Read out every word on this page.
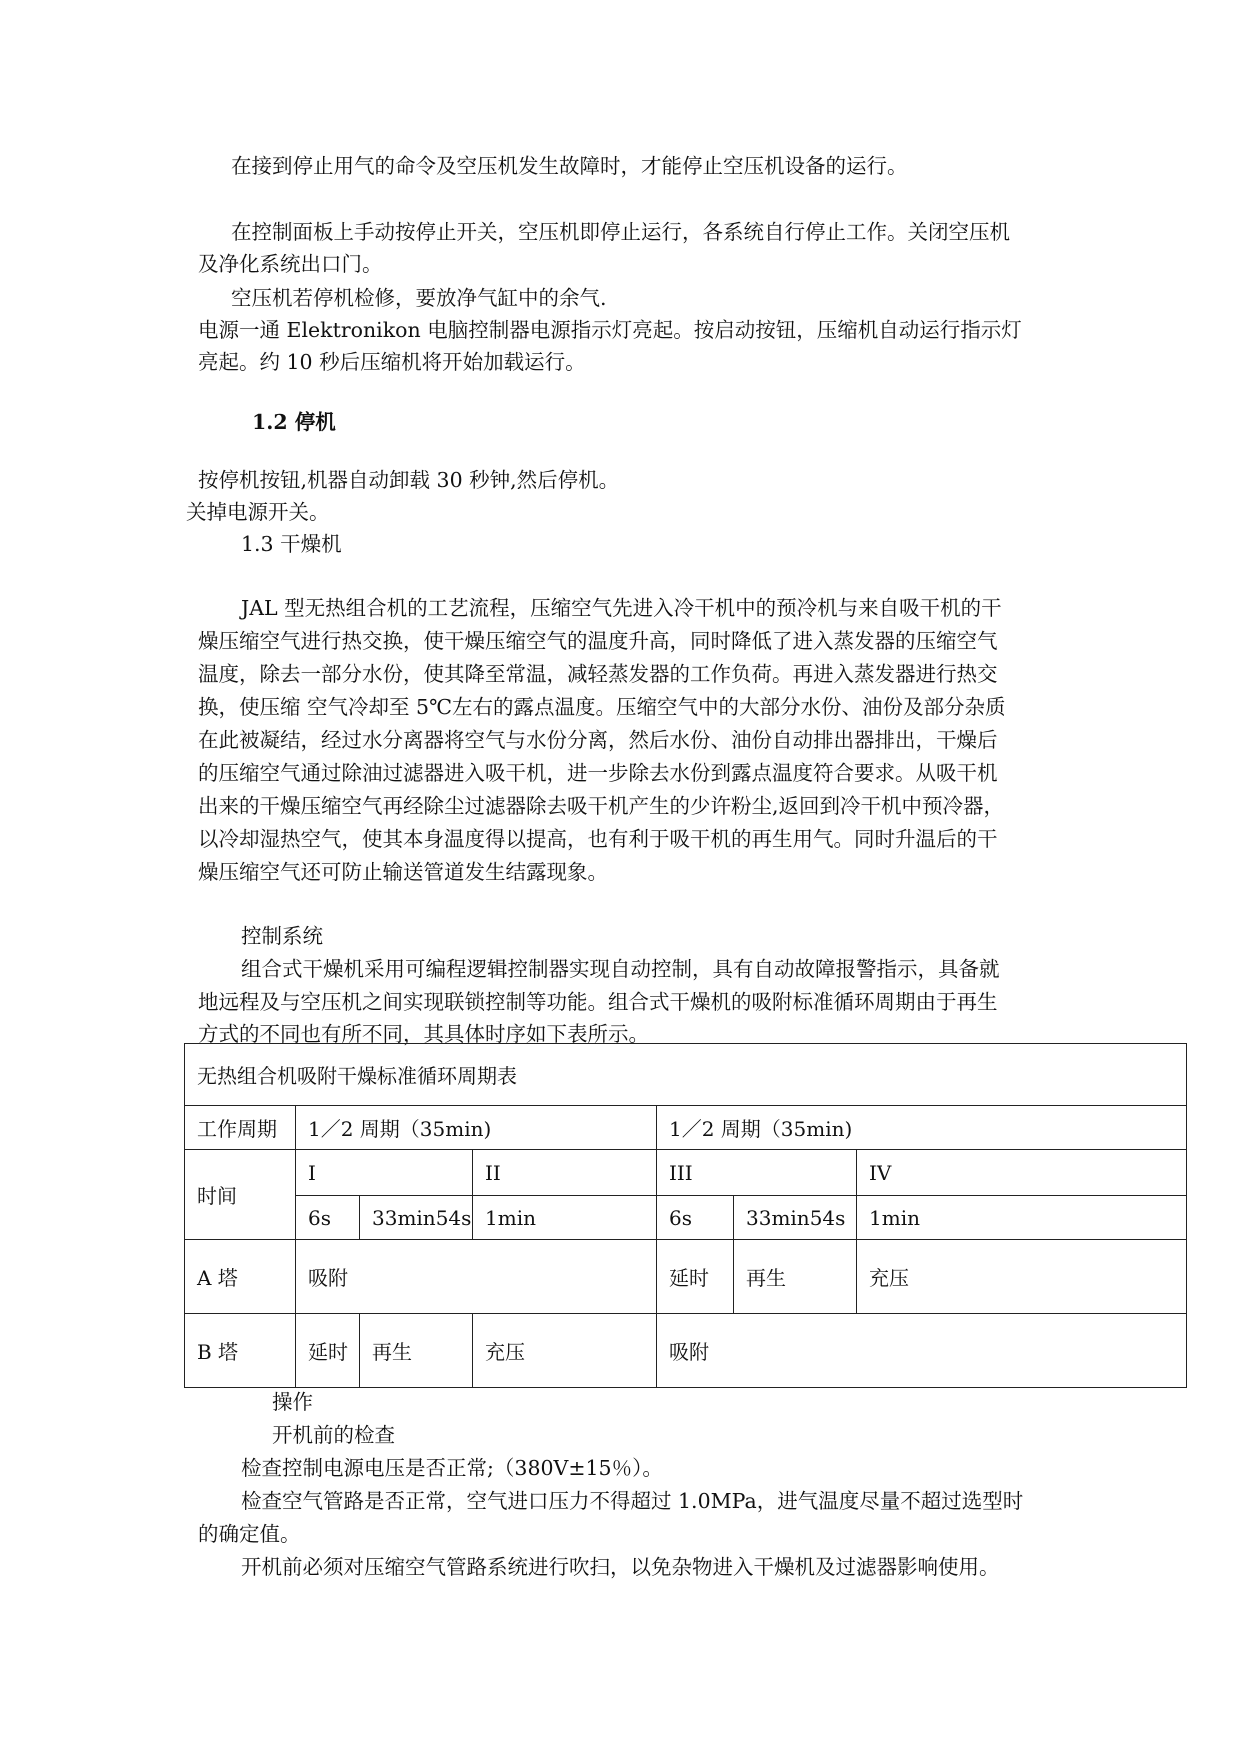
在接到停止用气的命令及空压机发生故障时，才能停止空压机设备的运行。
在控制面板上手动按停止开关，空压机即停止运行，各系统自行停止工作。关闭空压机
及净化系统出口门。
空压机若停机检修，要放净气缸中的余气.
电源一通 Elektronikon 电脑控制器电源指示灯亮起。按启动按钮，压缩机自动运行指示灯
亮起。约 10 秒后压缩机将开始加载运行。
1.2 停机
按停机按钮,机器自动卸载 30 秒钟,然后停机。
关掉电源开关。
1.3 干燥机
JAL 型无热组合机的工艺流程，压缩空气先进入冷干机中的预冷机与来自吸干机的干
燥压缩空气进行热交换，使干燥压缩空气的温度升高，同时降低了进入蒸发器的压缩空气
温度，除去一部分水份，使其降至常温，减轻蒸发器的工作负荷。再进入蒸发器进行热交
换，使压缩 空气冷却至 5℃左右的露点温度。压缩空气中的大部分水份、油份及部分杂质
在此被凝结，经过水分离器将空气与水份分离，然后水份、油份自动排出器排出，干燥后
的压缩空气通过除油过滤器进入吸干机，进一步除去水份到露点温度符合要求。从吸干机
出来的干燥压缩空气再经除尘过滤器除去吸干机产生的少许粉尘,返回到冷干机中预冷器，
以冷却湿热空气，使其本身温度得以提高，也有利于吸干机的再生用气。同时升温后的干
燥压缩空气还可防止输送管道发生结露现象。
控制系统
组合式干燥机采用可编程逻辑控制器实现自动控制，具有自动故障报警指示，具备就
地远程及与空压机之间实现联锁控制等功能。组合式干燥机的吸附标准循环周期由于再生
方式的不同也有所不同，其具体时序如下表所示。
无热组合机吸附干燥标准循环周期表						
工作周期	1／2 周期（35min)			1／2 周期（35min)		
时间	I		II	III		IV
	6s	33min54s	1min	6s	33min54s	1min
A 塔	吸附			延时	再生	充压
B 塔	延时	再生	充压	吸附		
操作
开机前的检查
检查控制电源电压是否正常;（380V±15％）。
检查空气管路是否正常，空气进口压力不得超过 1.0MPa，进气温度尽量不超过选型时
的确定值。
开机前必须对压缩空气管路系统进行吹扫，以免杂物进入干燥机及过滤器影响使用。
